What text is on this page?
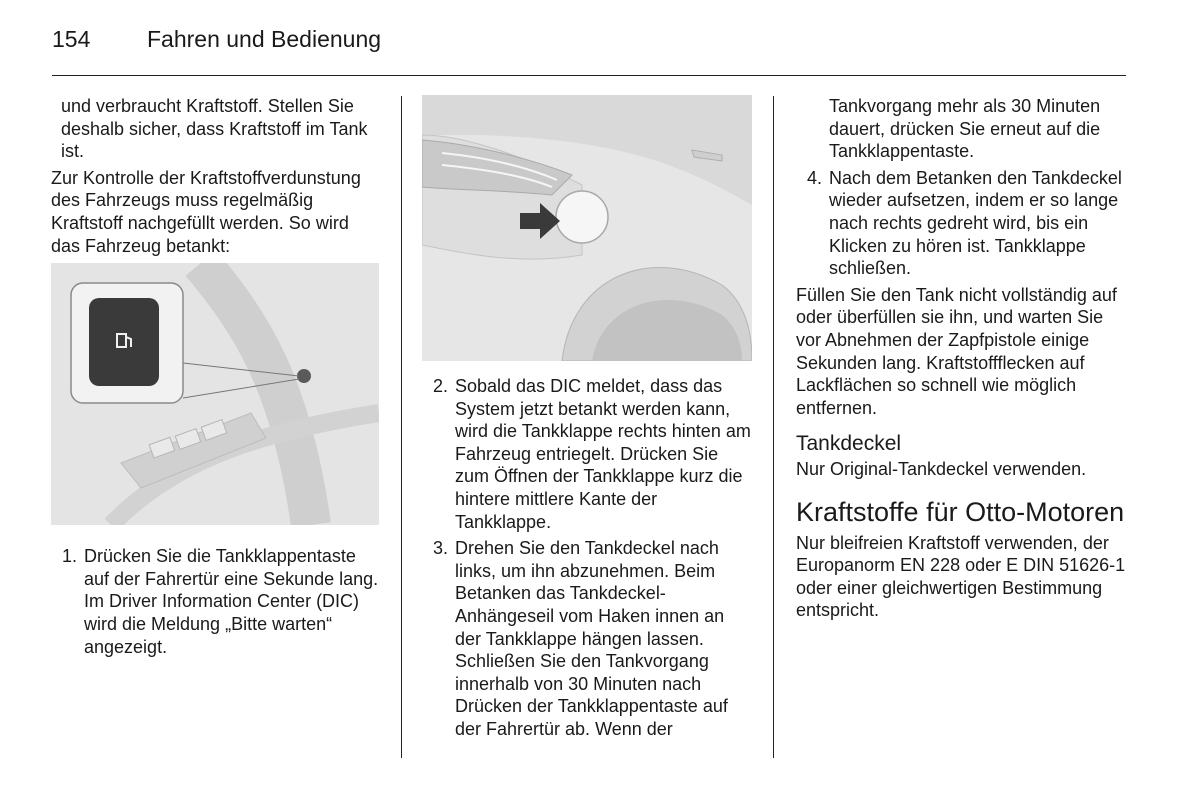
154 Fahren und Bedienung

und verbraucht Kraftstoff. Stellen Sie deshalb sicher, dass Kraftstoff im Tank ist.

Zur Kontrolle der Kraftstoffverdunstung des Fahrzeugs muss regelmäßig Kraftstoff nachgefüllt werden. So wird das Fahrzeug betankt:

1. Drücken Sie die Tankklappentaste auf der Fahrertür eine Sekunde lang. Im Driver Information Center (DIC) wird die Meldung „Bitte warten“ angezeigt.
2. Sobald das DIC meldet, dass das System jetzt betankt werden kann, wird die Tankklappe rechts hinten am Fahrzeug entriegelt. Drücken Sie zum Öffnen der Tankklappe kurz die hintere mittlere Kante der Tankklappe.
3. Drehen Sie den Tankdeckel nach links, um ihn abzunehmen. Beim Betanken das Tankdeckel-Anhängeseil vom Haken innen an der Tankklappe hängen lassen. Schließen Sie den Tankvorgang innerhalb von 30 Minuten nach Drücken der Tankklappentaste auf der Fahrertür ab. Wenn der

Tankvorgang mehr als 30 Minuten dauert, drücken Sie erneut auf die Tankklappentaste.

4. Nach dem Betanken den Tankdeckel wieder aufsetzen, indem er so lange nach rechts gedreht wird, bis ein Klicken zu hören ist. Tankklappe schließen.

Füllen Sie den Tank nicht vollständig auf oder überfüllen sie ihn, und warten Sie vor Abnehmen der Zapfpistole einige Sekunden lang. Kraftstoffflecken auf Lackflächen so schnell wie möglich entfernen.

Tankdeckel

Nur Original-Tankdeckel verwenden.

Kraftstoffe für Otto-Motoren

Nur bleifreien Kraftstoff verwenden, der Europanorm EN 228 oder E DIN 51626-1 oder einer gleichwertigen Bestimmung entspricht.
